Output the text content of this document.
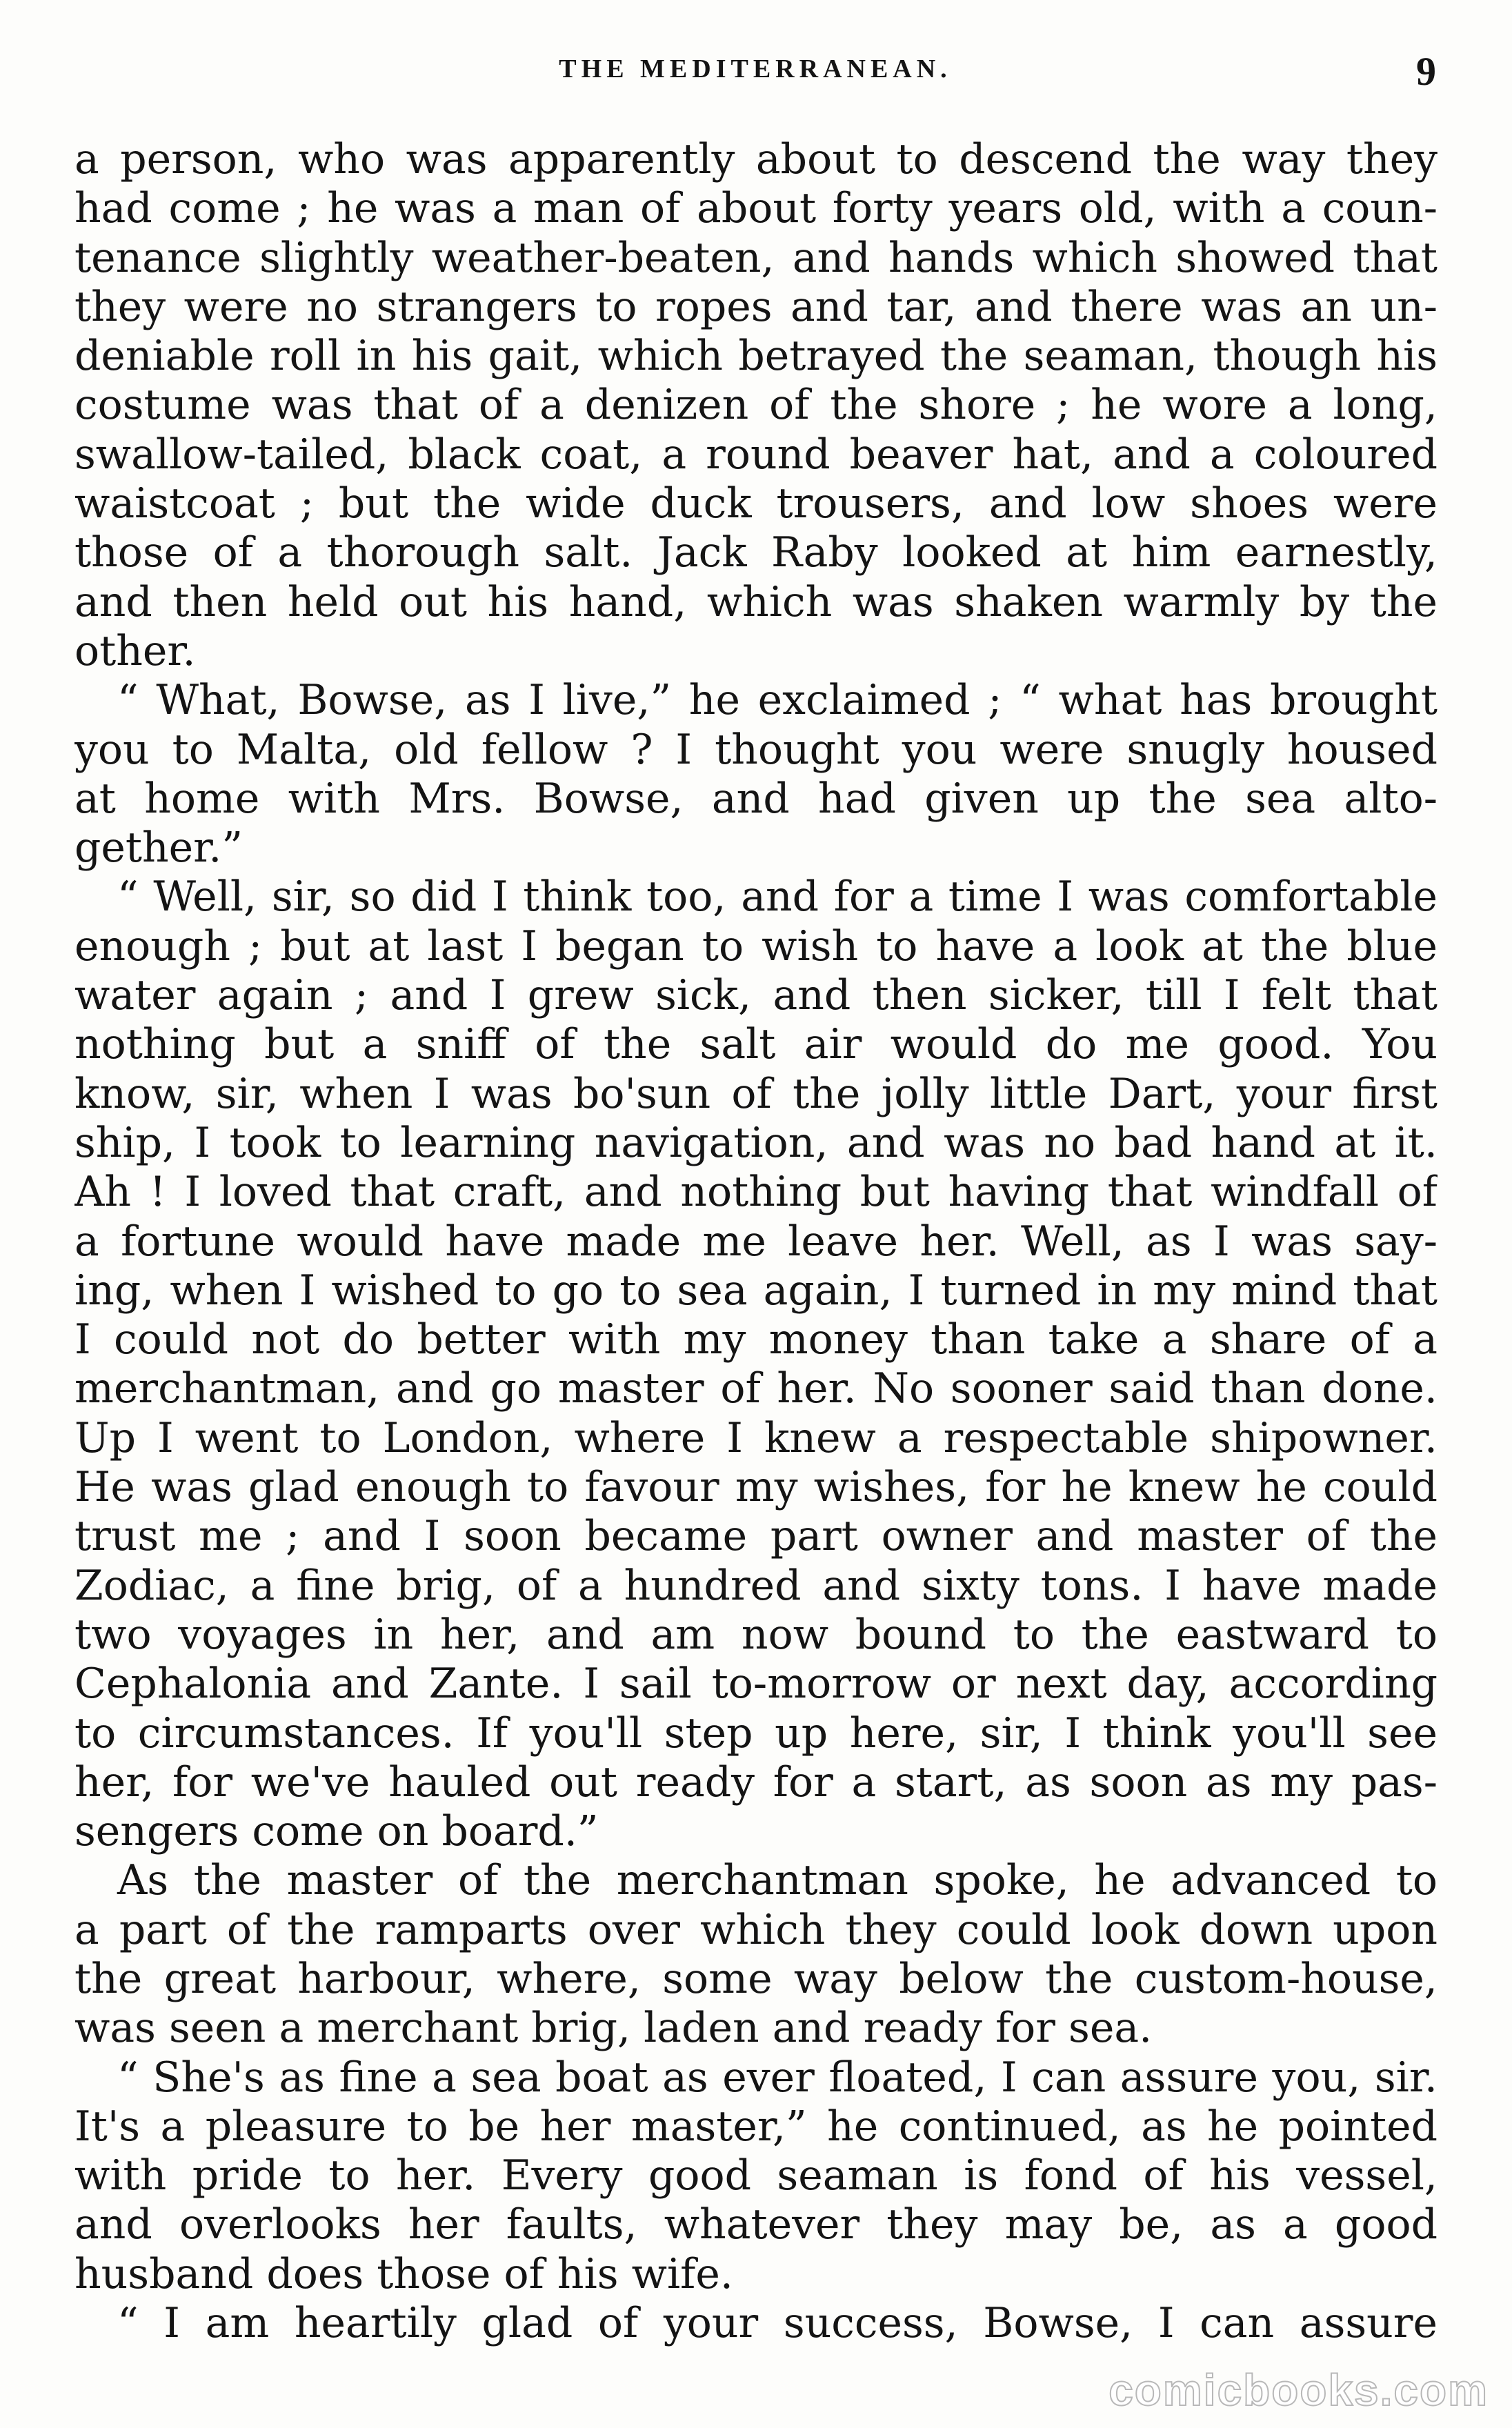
THE MEDITERRANEAN.	9
a person, who was apparently about to descend the way they
had come ; he was a man of about forty years old, with a coun-
tenance slightly weather-beaten, and hands which showed that
they were no strangers to ropes and tar, and there was an un-
deniable roll in his gait, which betrayed the seaman, though his
costume was that of a denizen of the shore ; he wore a long,
swallow-tailed, black coat, a round beaver hat, and a coloured
waistcoat ; but the wide duck trousers, and low shoes were
those of a thorough salt. Jack Raby looked at him earnestly,
and then held out his hand, which was shaken warmly by the
other.
“ What, Bowse, as I live,” he exclaimed ; “ what has brought
you to Malta, old fellow ? I thought you were snugly housed
at home with Mrs. Bowse, and had given up the sea alto-
gether.”
“ Well, sir, so did I think too, and for a time I was comfortable
enough ; but at last I began to wish to have a look at the blue
water again ; and I grew sick, and then sicker, till I felt that
nothing but a sniff of the salt air would do me good. You
know, sir, when I was bo'sun of the jolly little Dart, your first
ship, I took to learning navigation, and was no bad hand at it.
Ah ! I loved that craft, and nothing but having that windfall of
a fortune would have made me leave her. Well, as I was say-
ing, when I wished to go to sea again, I turned in my mind that
I could not do better with my money than take a share of a
merchantman, and go master of her. No sooner said than done.
Up I went to London, where I knew a respectable shipowner.
He was glad enough to favour my wishes, for he knew he could
trust me ; and I soon became part owner and master of the
Zodiac, a fine brig, of a hundred and sixty tons. I have made
two voyages in her, and am now bound to the eastward to
Cephalonia and Zante. I sail to-morrow or next day, according
to circumstances. If you'll step up here, sir, I think you'll see
her, for we've hauled out ready for a start, as soon as my pas-
sengers come on board.”
As the master of the merchantman spoke, he advanced to
a part of the ramparts over which they could look down upon
the great harbour, where, some way below the custom-house,
was seen a merchant brig, laden and ready for sea.
“ She's as fine a sea boat as ever floated, I can assure you, sir.
It's a pleasure to be her master,” he continued, as he pointed
with pride to her. Every good seaman is fond of his vessel,
and overlooks her faults, whatever they may be, as a good
husband does those of his wife.
“ I am heartily glad of your success, Bowse, I can assure
comicbooks.com
